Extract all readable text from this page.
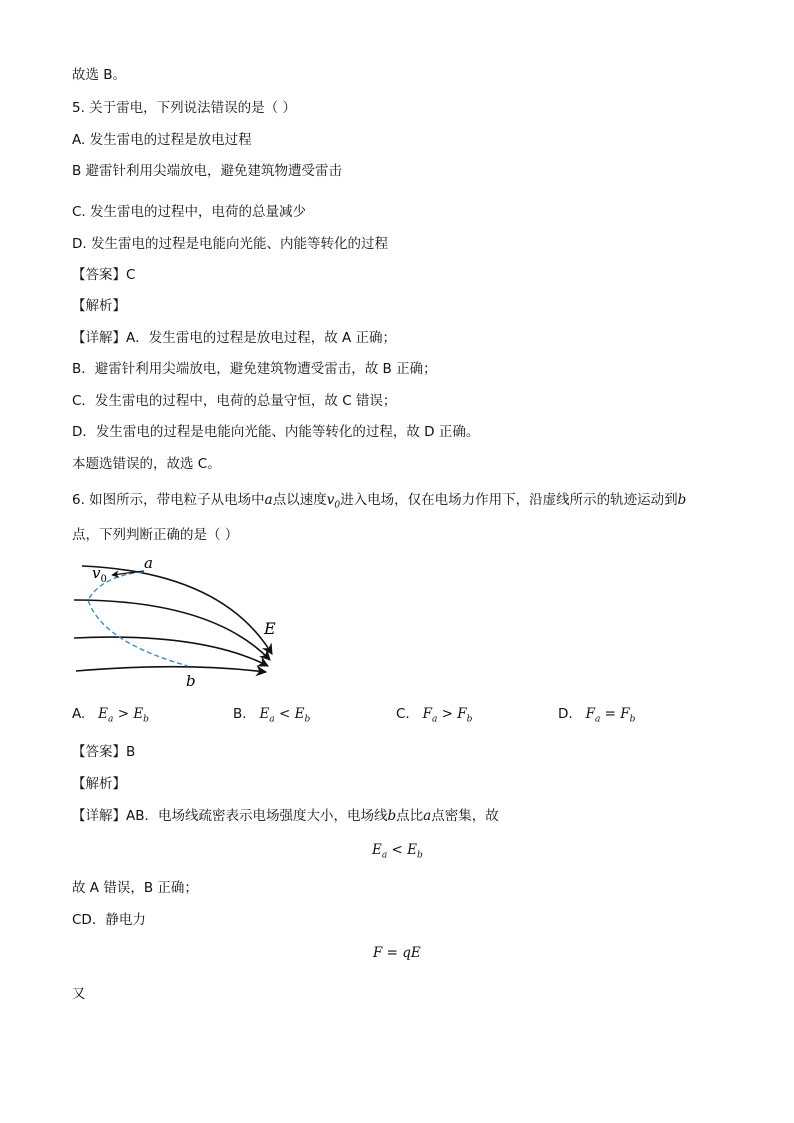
故选 B。
5. 关于雷电，下列说法错误的是（ ）
A. 发生雷电的过程是放电过程
B 避雷针利用尖端放电，避免建筑物遭受雷击
C. 发生雷电的过程中，电荷的总量减少
D. 发生雷电的过程是电能向光能、内能等转化的过程
【答案】C
【解析】
【详解】A．发生雷电的过程是放电过程，故 A 正确；
B．避雷针利用尖端放电，避免建筑物遭受雷击，故 B 正确；
C．发生雷电的过程中，电荷的总量守恒，故 C 错误；
D．发生雷电的过程是电能向光能、内能等转化的过程，故 D 正确。
本题选错误的，故选 C。
6. 如图所示，带电粒子从电场中a点以速度$v_0$进入电场，仅在电场力作用下，沿虚线所示的轨迹运动到b
点，下列判断正确的是（ ）
a
$v_0$
E
b
A. $E_a > E_b$	B. $E_a < E_b$	C. $F_a > F_b$	D. $F_a = F_b$
【答案】B
【解析】
【详解】AB．电场线疏密表示电场强度大小，电场线b点比a点密集，故
$E_a < E_b$
故 A 错误，B 正确；
CD．静电力
F = qE
又
